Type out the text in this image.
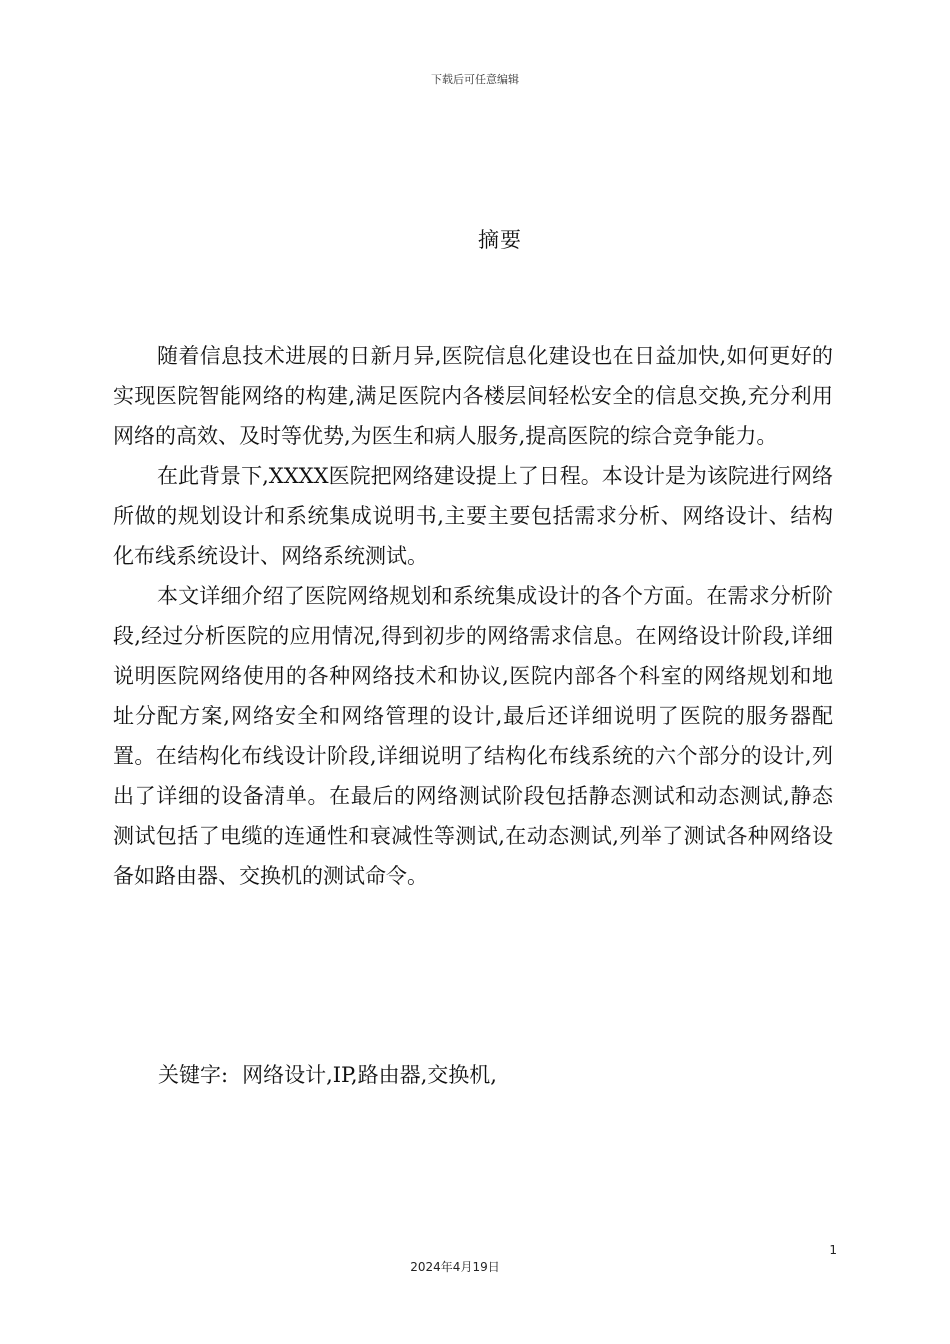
下载后可任意编辑
摘要

随着信息技术进展的日新月异,医院信息化建设也在日益加快,如何更好的实现医院智能网络的构建,满足医院内各楼层间轻松安全的信息交换,充分利用网络的高效、及时等优势,为医生和病人服务,提高医院的综合竞争能力。

在此背景下,XXXX医院把网络建设提上了日程。本设计是为该院进行网络所做的规划设计和系统集成说明书,主要主要包括需求分析、网络设计、结构化布线系统设计、网络系统测试。

本文详细介绍了医院网络规划和系统集成设计的各个方面。在需求分析阶段,经过分析医院的应用情况,得到初步的网络需求信息。在网络设计阶段,详细说明医院网络使用的各种网络技术和协议,医院内部各个科室的网络规划和地址分配方案,网络安全和网络管理的设计,最后还详细说明了医院的服务器配置。在结构化布线设计阶段,详细说明了结构化布线系统的六个部分的设计,列出了详细的设备清单。在最后的网络测试阶段包括静态测试和动态测试,静态测试包括了电缆的连通性和衰减性等测试,在动态测试,列举了测试各种网络设备如路由器、交换机的测试命令。

关键字: 网络设计,IP,路由器,交换机,
1
2024年4月19日
